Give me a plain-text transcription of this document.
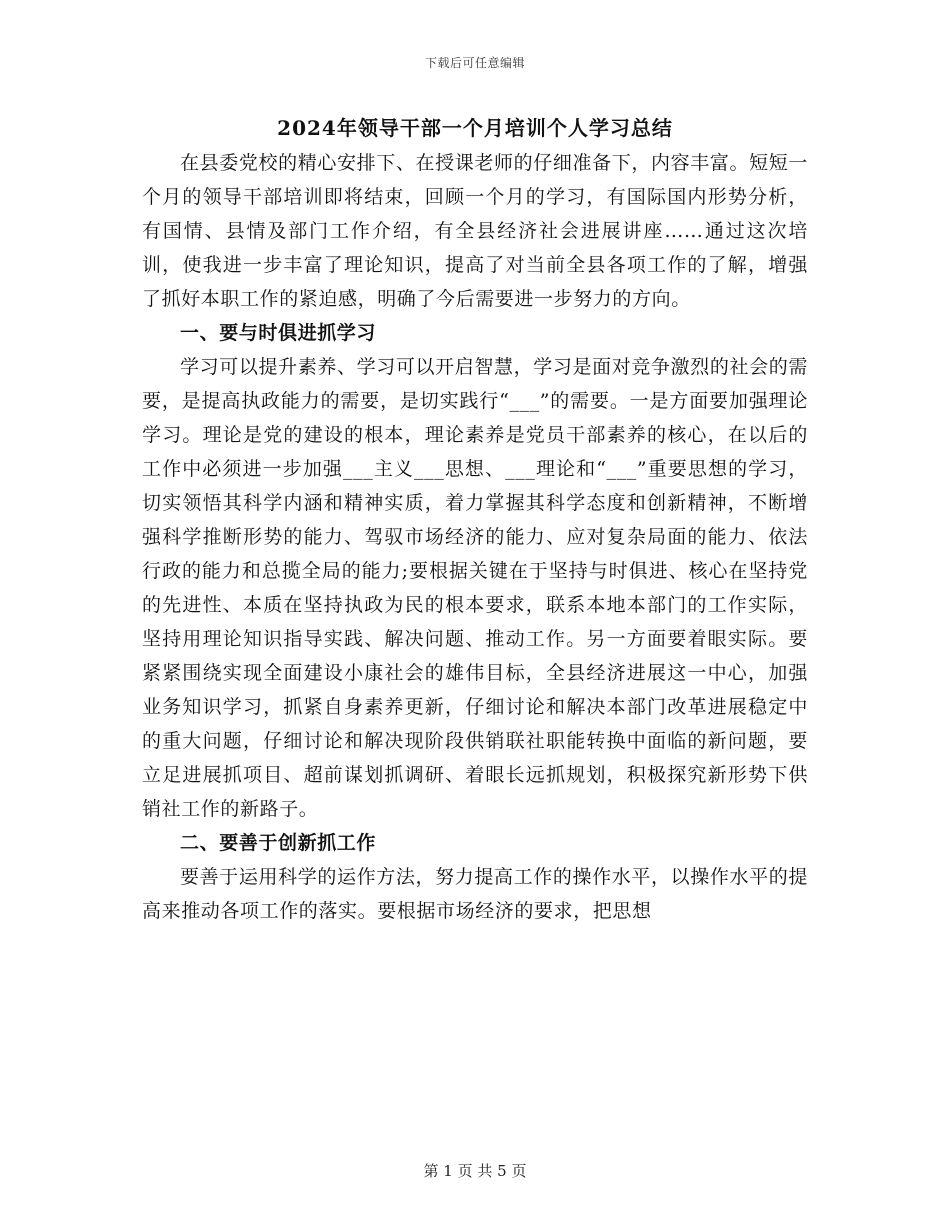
下载后可任意编辑
2024年领导干部一个月培训个人学习总结

在县委党校的精心安排下、在授课老师的仔细准备下，内容丰富。短短一个月的领导干部培训即将结束，回顾一个月的学习，有国际国内形势分析，有国情、县情及部门工作介绍，有全县经济社会进展讲座……通过这次培训，使我进一步丰富了理论知识，提高了对当前全县各项工作的了解，增强了抓好本职工作的紧迫感，明确了今后需要进一步努力的方向。

一、要与时俱进抓学习

学习可以提升素养、学习可以开启智慧，学习是面对竞争激烈的社会的需要，是提高执政能力的需要，是切实践行“___”的需要。一是方面要加强理论学习。理论是党的建设的根本，理论素养是党员干部素养的核心，在以后的工作中必须进一步加强___主义___思想、___理论和“___”重要思想的学习，切实领悟其科学内涵和精神实质，着力掌握其科学态度和创新精神，不断增强科学推断形势的能力、驾驭市场经济的能力、应对复杂局面的能力、依法行政的能力和总揽全局的能力;要根据关键在于坚持与时俱进、核心在坚持党的先进性、本质在坚持执政为民的根本要求，联系本地本部门的工作实际，坚持用理论知识指导实践、解决问题、推动工作。另一方面要着眼实际。要紧紧围绕实现全面建设小康社会的雄伟目标，全县经济进展这一中心，加强业务知识学习，抓紧自身素养更新，仔细讨论和解决本部门改革进展稳定中的重大问题，仔细讨论和解决现阶段供销联社职能转换中面临的新问题，要立足进展抓项目、超前谋划抓调研、着眼长远抓规划，积极探究新形势下供销社工作的新路子。

二、要善于创新抓工作

要善于运用科学的运作方法，努力提高工作的操作水平，以操作水平的提高来推动各项工作的落实。要根据市场经济的要求，把思想

第 1 页 共 5 页
